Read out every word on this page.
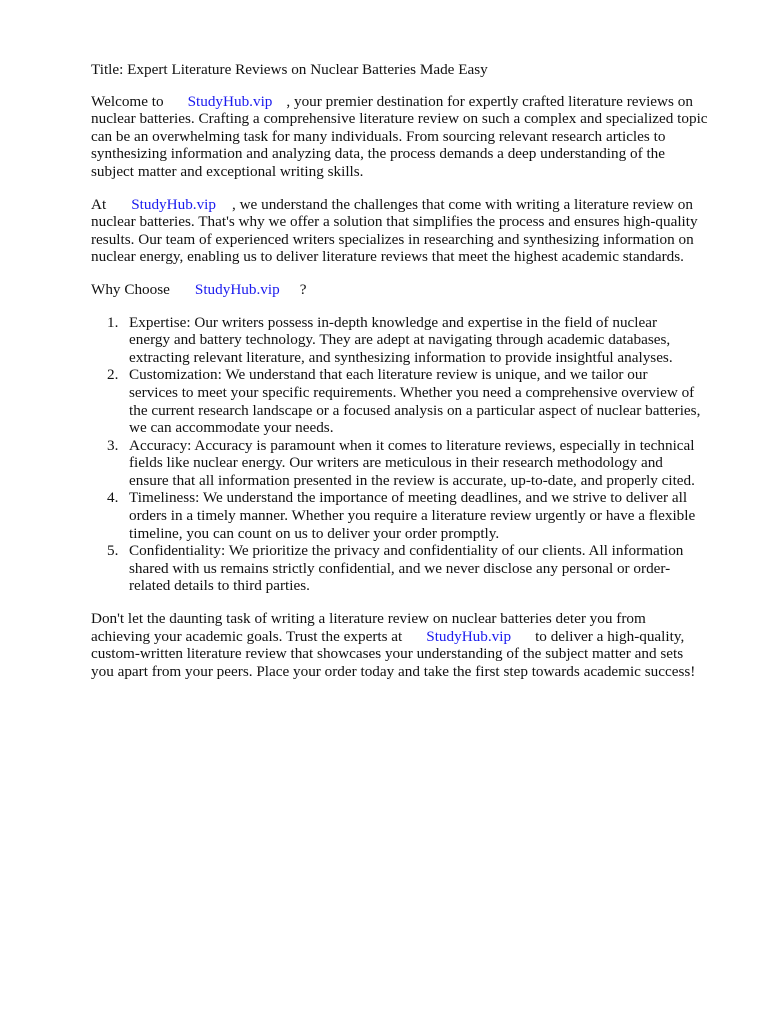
Title: Expert Literature Reviews on Nuclear Batteries Made Easy

Welcome to StudyHub.vip , your premier destination for expertly crafted literature reviews on
nuclear batteries. Crafting a comprehensive literature review on such a complex and specialized topic
can be an overwhelming task for many individuals. From sourcing relevant research articles to
synthesizing information and analyzing data, the process demands a deep understanding of the
subject matter and exceptional writing skills.
At StudyHub.vip , we understand the challenges that come with writing a literature review on
nuclear batteries. That's why we offer a solution that simplifies the process and ensures high-quality
results. Our team of experienced writers specializes in researching and synthesizing information on
nuclear energy, enabling us to deliver literature reviews that meet the highest academic standards.
Why Choose StudyHub.vip ?
1. Expertise: Our writers possess in-depth knowledge and expertise in the field of nuclear
energy and battery technology. They are adept at navigating through academic databases,
extracting relevant literature, and synthesizing information to provide insightful analyses.
2. Customization: We understand that each literature review is unique, and we tailor our
services to meet your specific requirements. Whether you need a comprehensive overview of
the current research landscape or a focused analysis on a particular aspect of nuclear batteries,
we can accommodate your needs.
3. Accuracy: Accuracy is paramount when it comes to literature reviews, especially in technical
fields like nuclear energy. Our writers are meticulous in their research methodology and
ensure that all information presented in the review is accurate, up-to-date, and properly cited.
4. Timeliness: We understand the importance of meeting deadlines, and we strive to deliver all
orders in a timely manner. Whether you require a literature review urgently or have a flexible
timeline, you can count on us to deliver your order promptly.
5. Confidentiality: We prioritize the privacy and confidentiality of our clients. All information
shared with us remains strictly confidential, and we never disclose any personal or order-
related details to third parties.
Don't let the daunting task of writing a literature review on nuclear batteries deter you from
achieving your academic goals. Trust the experts at StudyHub.vip to deliver a high-quality,
custom-written literature review that showcases your understanding of the subject matter and sets
you apart from your peers. Place your order today and take the first step towards academic success!
